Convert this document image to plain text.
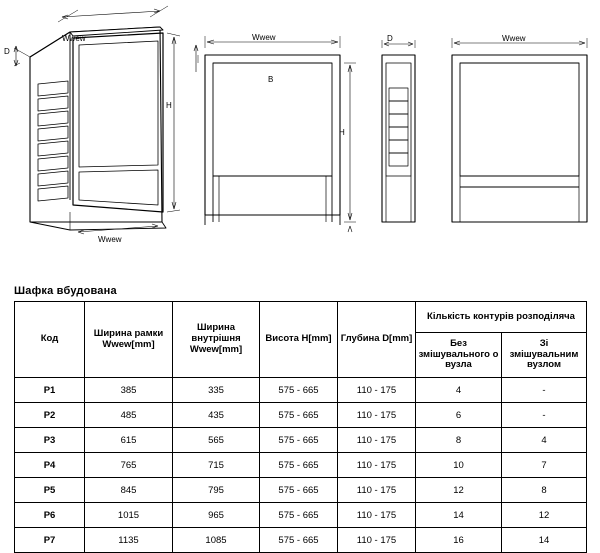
Wwew
D
H
Wwew
Wwew
В
H
D	Wwew
Шафка вбудована
Код	Ширина рамки Wwew[mm]	Ширина внутрішня Wwew[mm]	Висота H[mm]	Глубина D[mm]	Кількість контурів розподіляча	
					Без змішувального о вузла	Зі змішувальним вузлом
Р1	385	335	575 - 665	110 - 175	4	-
Р2	485	435	575 - 665	110 - 175	6	-
Р3	615	565	575 - 665	110 - 175	8	4
Р4	765	715	575 - 665	110 - 175	10	7
Р5	845	795	575 - 665	110 - 175	12	8
Р6	1015	965	575 - 665	110 - 175	14	12
Р7	1135	1085	575 - 665	110 - 175	16	14
